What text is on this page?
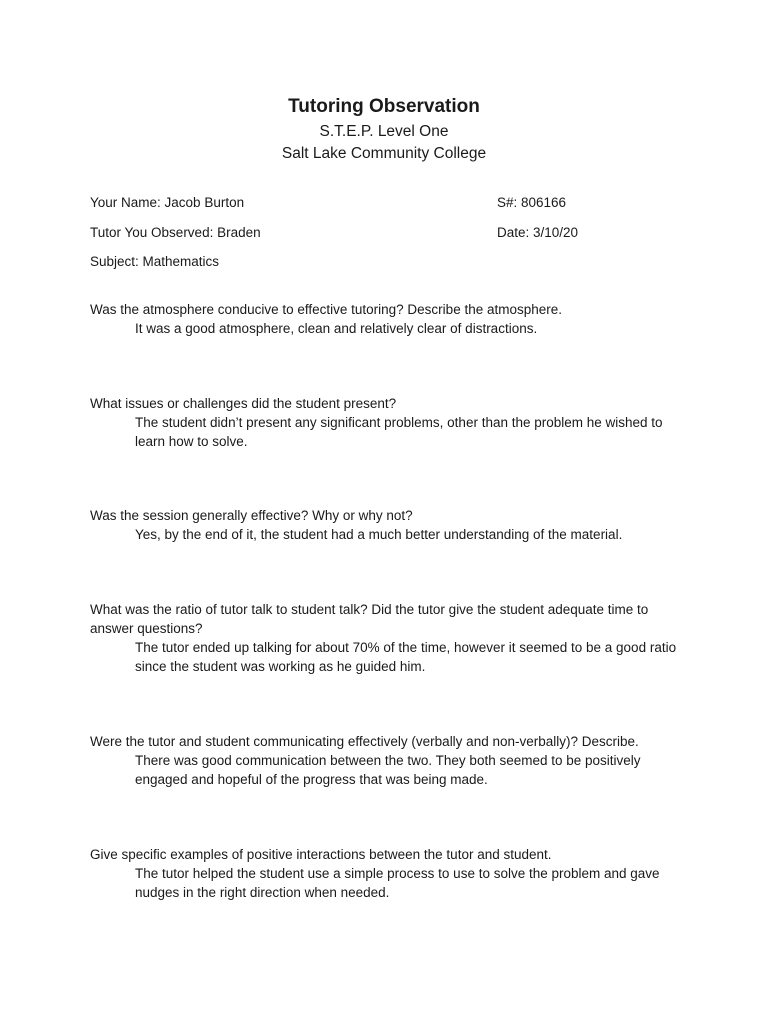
Tutoring Observation
S.T.E.P. Level One
Salt Lake Community College
Your Name: Jacob Burton	S#: 806166
Tutor You Observed: Braden	Date: 3/10/20
Subject: Mathematics
Was the atmosphere conducive to effective tutoring? Describe the atmosphere.
It was a good atmosphere, clean and relatively clear of distractions.
What issues or challenges did the student present?
The student didn’t present any significant problems, other than the problem he wished to learn how to solve.
Was the session generally effective? Why or why not?
Yes, by the end of it, the student had a much better understanding of the material.
What was the ratio of tutor talk to student talk? Did the tutor give the student adequate time to answer questions?
The tutor ended up talking for about 70% of the time, however it seemed to be a good ratio since the student was working as he guided him.
Were the tutor and student communicating effectively (verbally and non-verbally)? Describe.
There was good communication between the two. They both seemed to be positively engaged and hopeful of the progress that was being made.
Give specific examples of positive interactions between the tutor and student.
The tutor helped the student use a simple process to use to solve the problem and gave nudges in the right direction when needed.
